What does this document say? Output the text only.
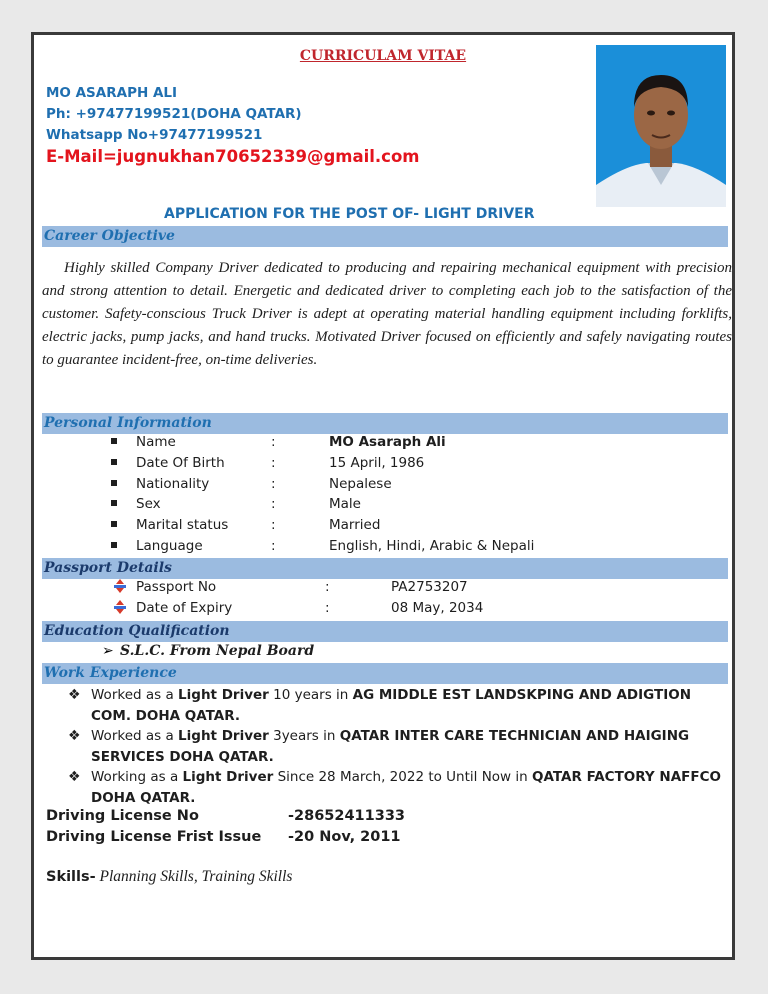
CURRICULAM VITAE
MO ASARAPH ALI
Ph: +97477199521(DOHA QATAR)
Whatsapp No+97477199521
E-Mail=jugnukhan70652339@gmail.com
APPLICATION FOR THE POST OF- LIGHT DRIVER
Career Objective
Highly skilled Company Driver dedicated to producing and repairing mechanical equipment with precision and strong attention to detail. Energetic and dedicated driver to completing each job to the satisfaction of the customer. Safety-conscious Truck Driver is adept at operating material handling equipment including forklifts, electric jacks, pump jacks, and hand trucks. Motivated Driver focused on efficiently and safely navigating routes to guarantee incident-free, on-time deliveries.
Personal Information
Name	:	MO Asaraph Ali
Date Of Birth	:	15 April, 1986
Nationality	:	Nepalese
Sex	:	Male
Marital status	:	Married
Language	:	English, Hindi, Arabic & Nepali
Passport Details
Passport No	:	PA2753207
Date of Expiry	:	08 May, 2034
Education Qualification
➢ S.L.C. From Nepal Board
Work Experience
❖ Worked as a Light Driver 10 years in AG MIDDLE EST LANDSKPING AND ADIGTION COM. DOHA QATAR.
❖ Worked as a Light Driver 3years in QATAR INTER CARE TECHNICIAN AND HAIGING SERVICES DOHA QATAR.
❖ Working as a Light Driver Since 28 March, 2022 to Until Now in QATAR FACTORY NAFFCO DOHA QATAR.
Driving License No	-28652411333
Driving License Frist Issue -20 Nov, 2011
Skills- Planning Skills, Training Skills
